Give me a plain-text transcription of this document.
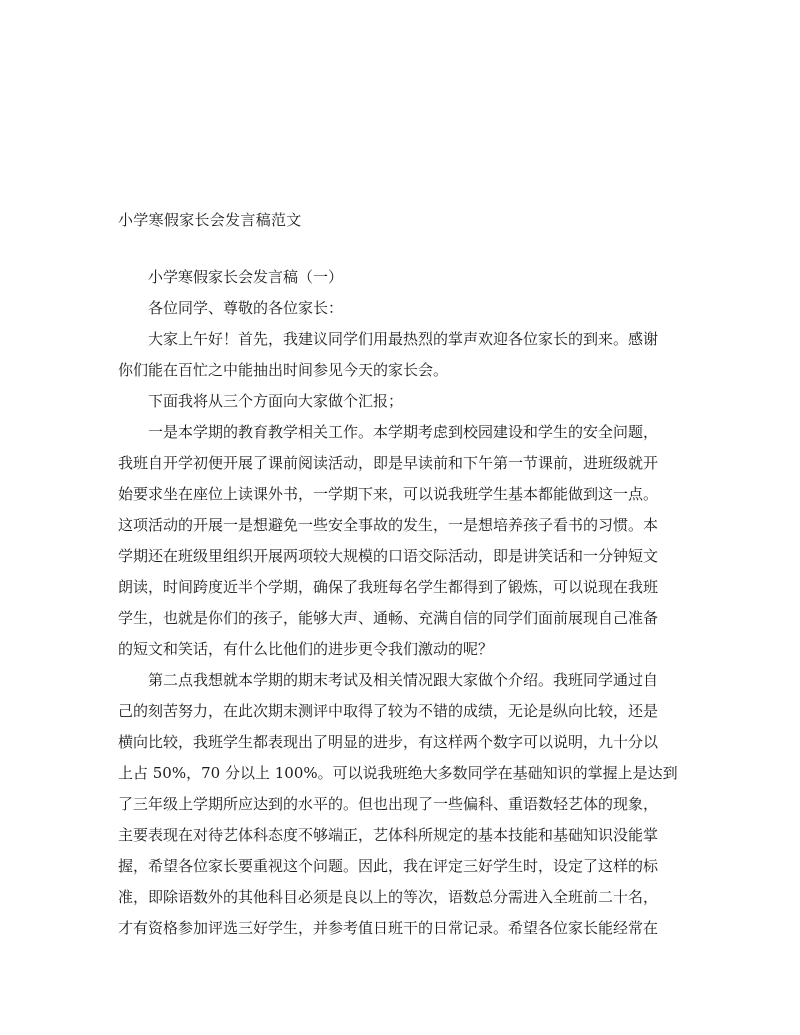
小学寒假家长会发言稿范文
小学寒假家长会发言稿（一）
各位同学、尊敬的各位家长：
大家上午好！首先，我建议同学们用最热烈的掌声欢迎各位家长的到来。感谢
你们能在百忙之中能抽出时间参见今天的家长会。
下面我将从三个方面向大家做个汇报；
一是本学期的教育教学相关工作。本学期考虑到校园建设和学生的安全问题，
我班自开学初便开展了课前阅读活动，即是早读前和下午第一节课前，进班级就开
始要求坐在座位上读课外书，一学期下来，可以说我班学生基本都能做到这一点。
这项活动的开展一是想避免一些安全事故的发生，一是想培养孩子看书的习惯。本
学期还在班级里组织开展两项较大规模的口语交际活动，即是讲笑话和一分钟短文
朗读，时间跨度近半个学期，确保了我班每名学生都得到了锻炼，可以说现在我班
学生，也就是你们的孩子，能够大声、通畅、充满自信的同学们面前展现自己准备
的短文和笑话，有什么比他们的进步更令我们激动的呢？
第二点我想就本学期的期末考试及相关情况跟大家做个介绍。我班同学通过自
己的刻苦努力，在此次期末测评中取得了较为不错的成绩，无论是纵向比较，还是
横向比较，我班学生都表现出了明显的进步，有这样两个数字可以说明，九十分以
上占 50%，70 分以上 100%。可以说我班绝大多数同学在基础知识的掌握上是达到
了三年级上学期所应达到的水平的。但也出现了一些偏科、重语数轻艺体的现象，
主要表现在对待艺体科态度不够端正，艺体科所规定的基本技能和基础知识没能掌
握，希望各位家长要重视这个问题。因此，我在评定三好学生时，设定了这样的标
准，即除语数外的其他科目必须是良以上的等次，语数总分需进入全班前二十名，
才有资格参加评选三好学生，并参考值日班干的日常记录。希望各位家长能经常在
